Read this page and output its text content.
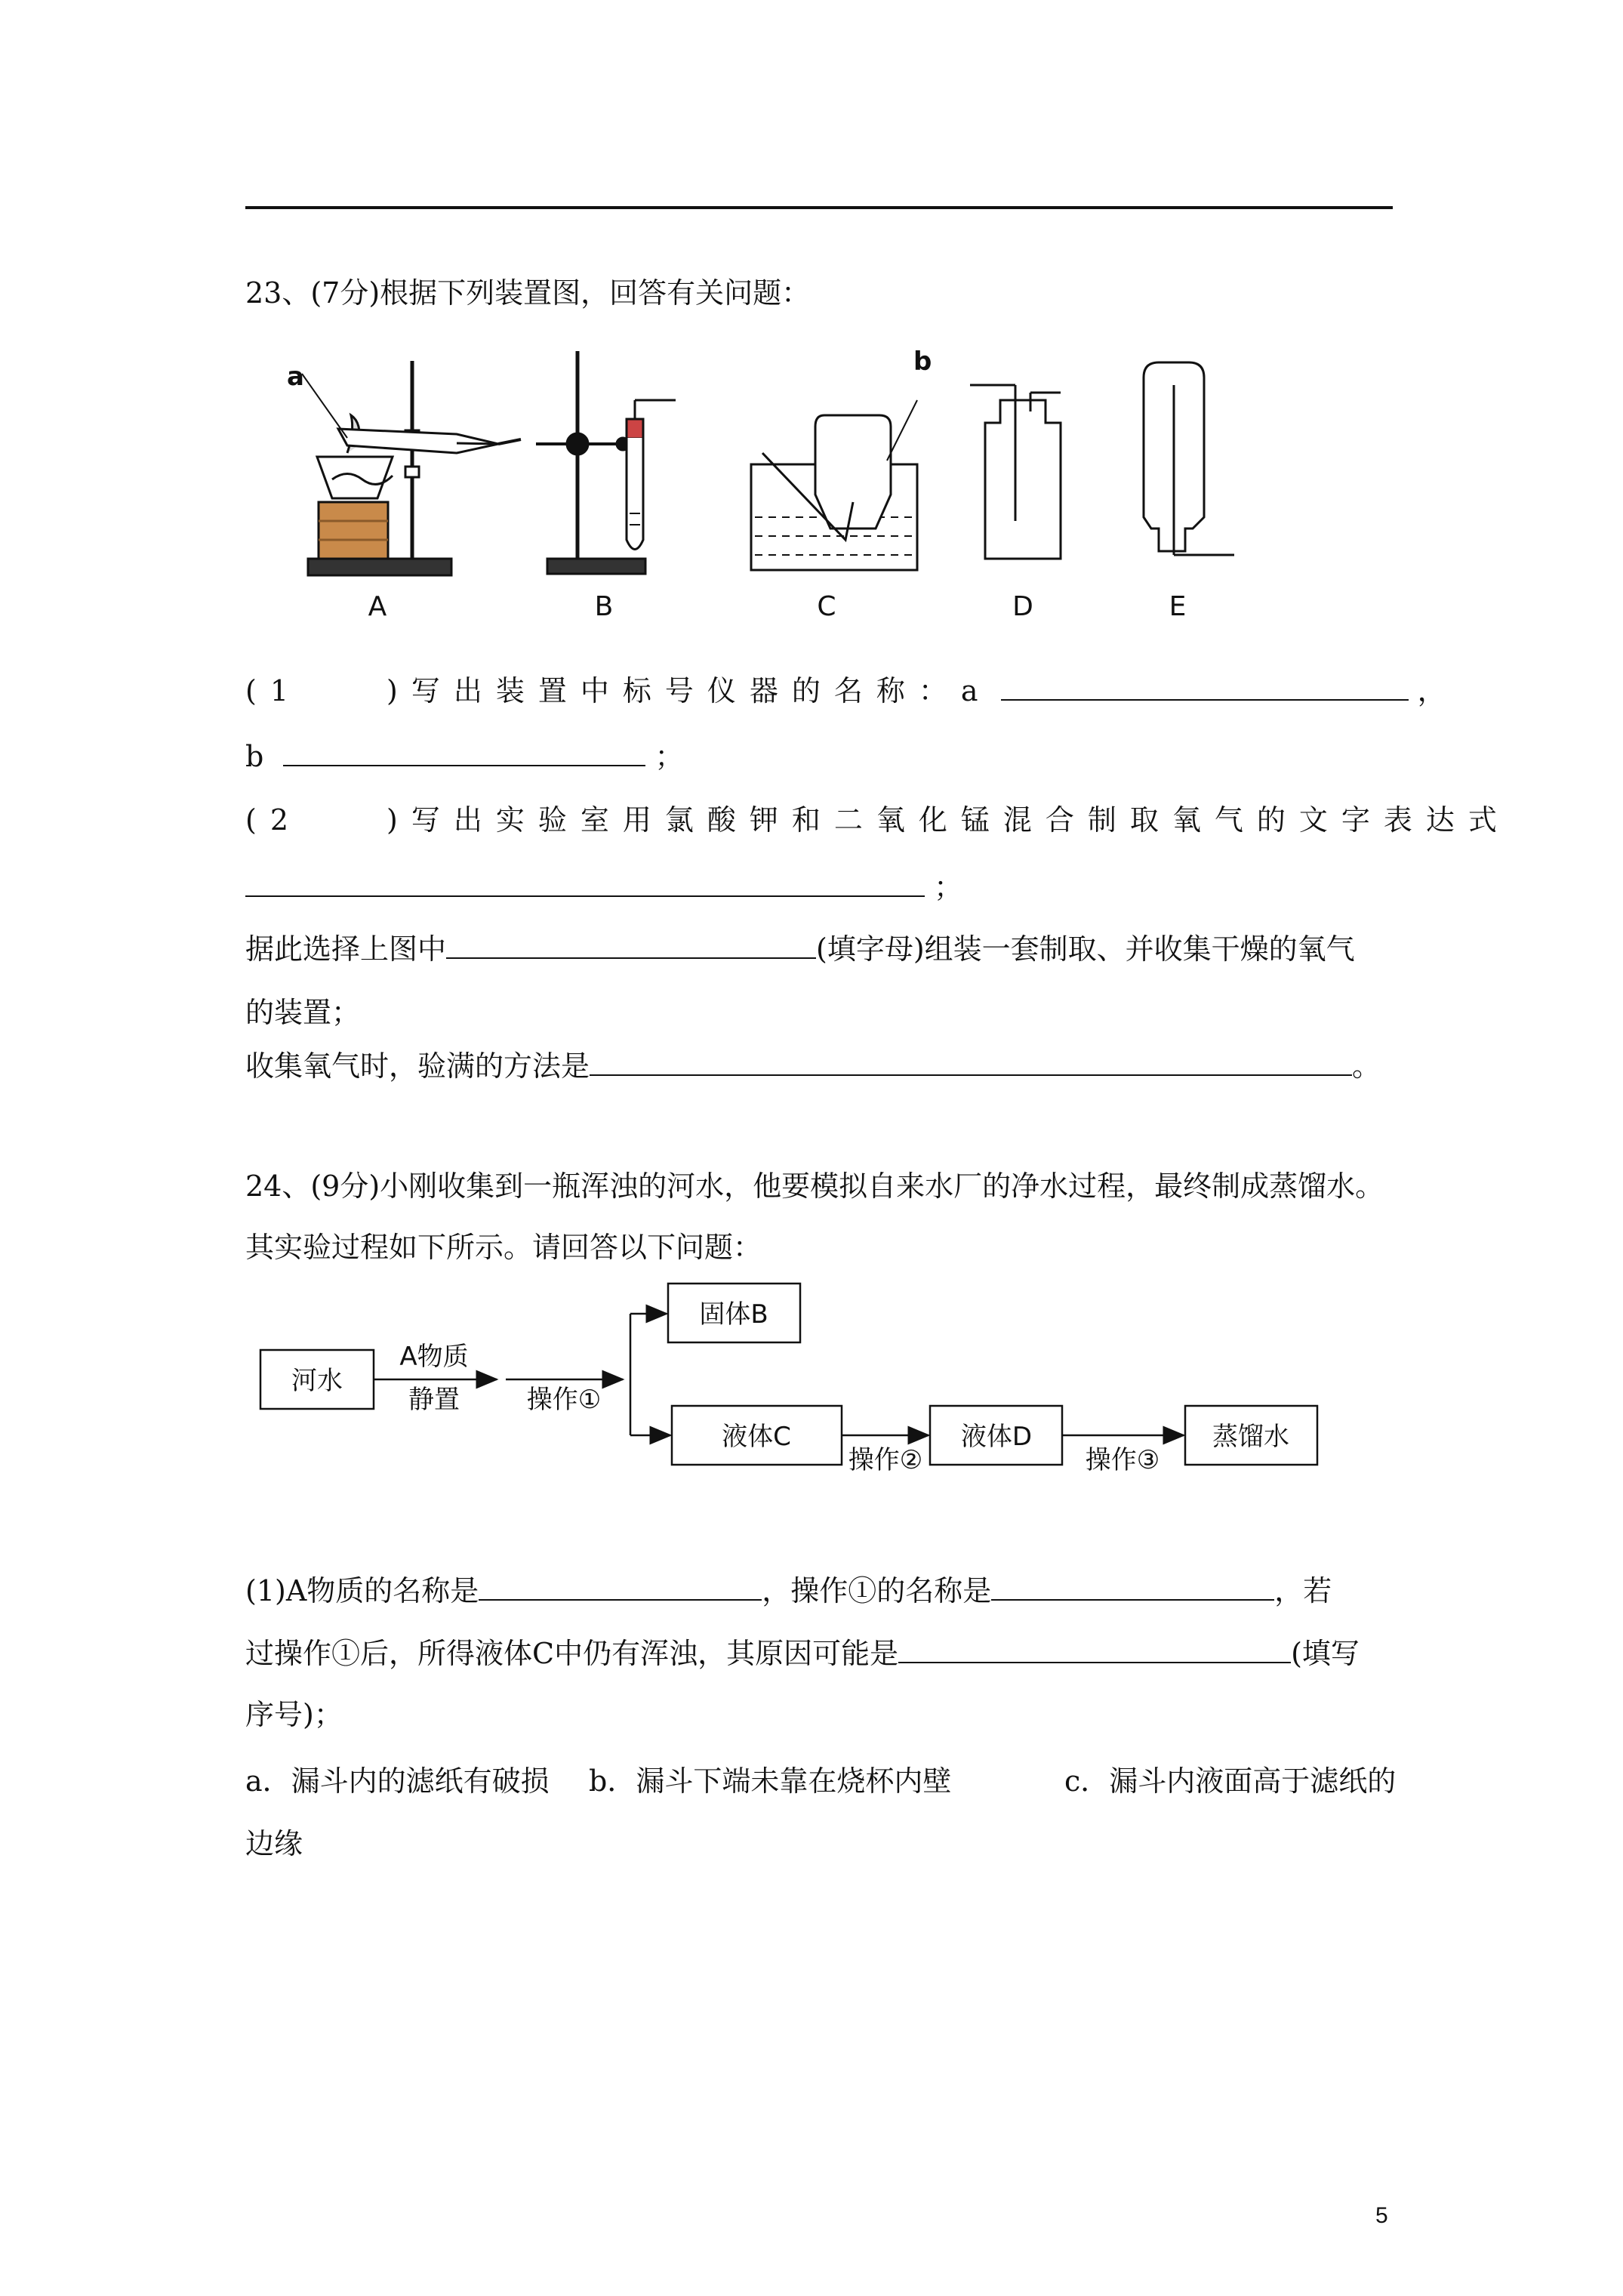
23、(7分)根据下列装置图，回答有关问题：
a	b
A	B	C	D	E
(1　　)写出装置中标号仪器的名称：a	，
b	；
(2　　)写出实验室用氯酸钾和二氧化锰混合制取氧气的文字表达式
；
据此选择上图中	(填字母)组装一套制取、并收集干燥的氧气
的装置；
收集氧气时，验满的方法是	。
24、(9分)小刚收集到一瓶浑浊的河水，他要模拟自来水厂的净水过程，最终制成蒸馏水。
其实验过程如下所示。请回答以下问题：
河水
A物质
静置	操作①
固体B
液体C
操作②
液体D
操作③
蒸馏水
(1)A物质的名称是	，操作①的名称是	，若
过操作①后，所得液体C中仍有浑浊，其原因可能是	(填写
序号)；
a．漏斗内的滤纸有破损 b．漏斗下端未靠在烧杯内壁	c．漏斗内液面高于滤纸的
边缘
5
